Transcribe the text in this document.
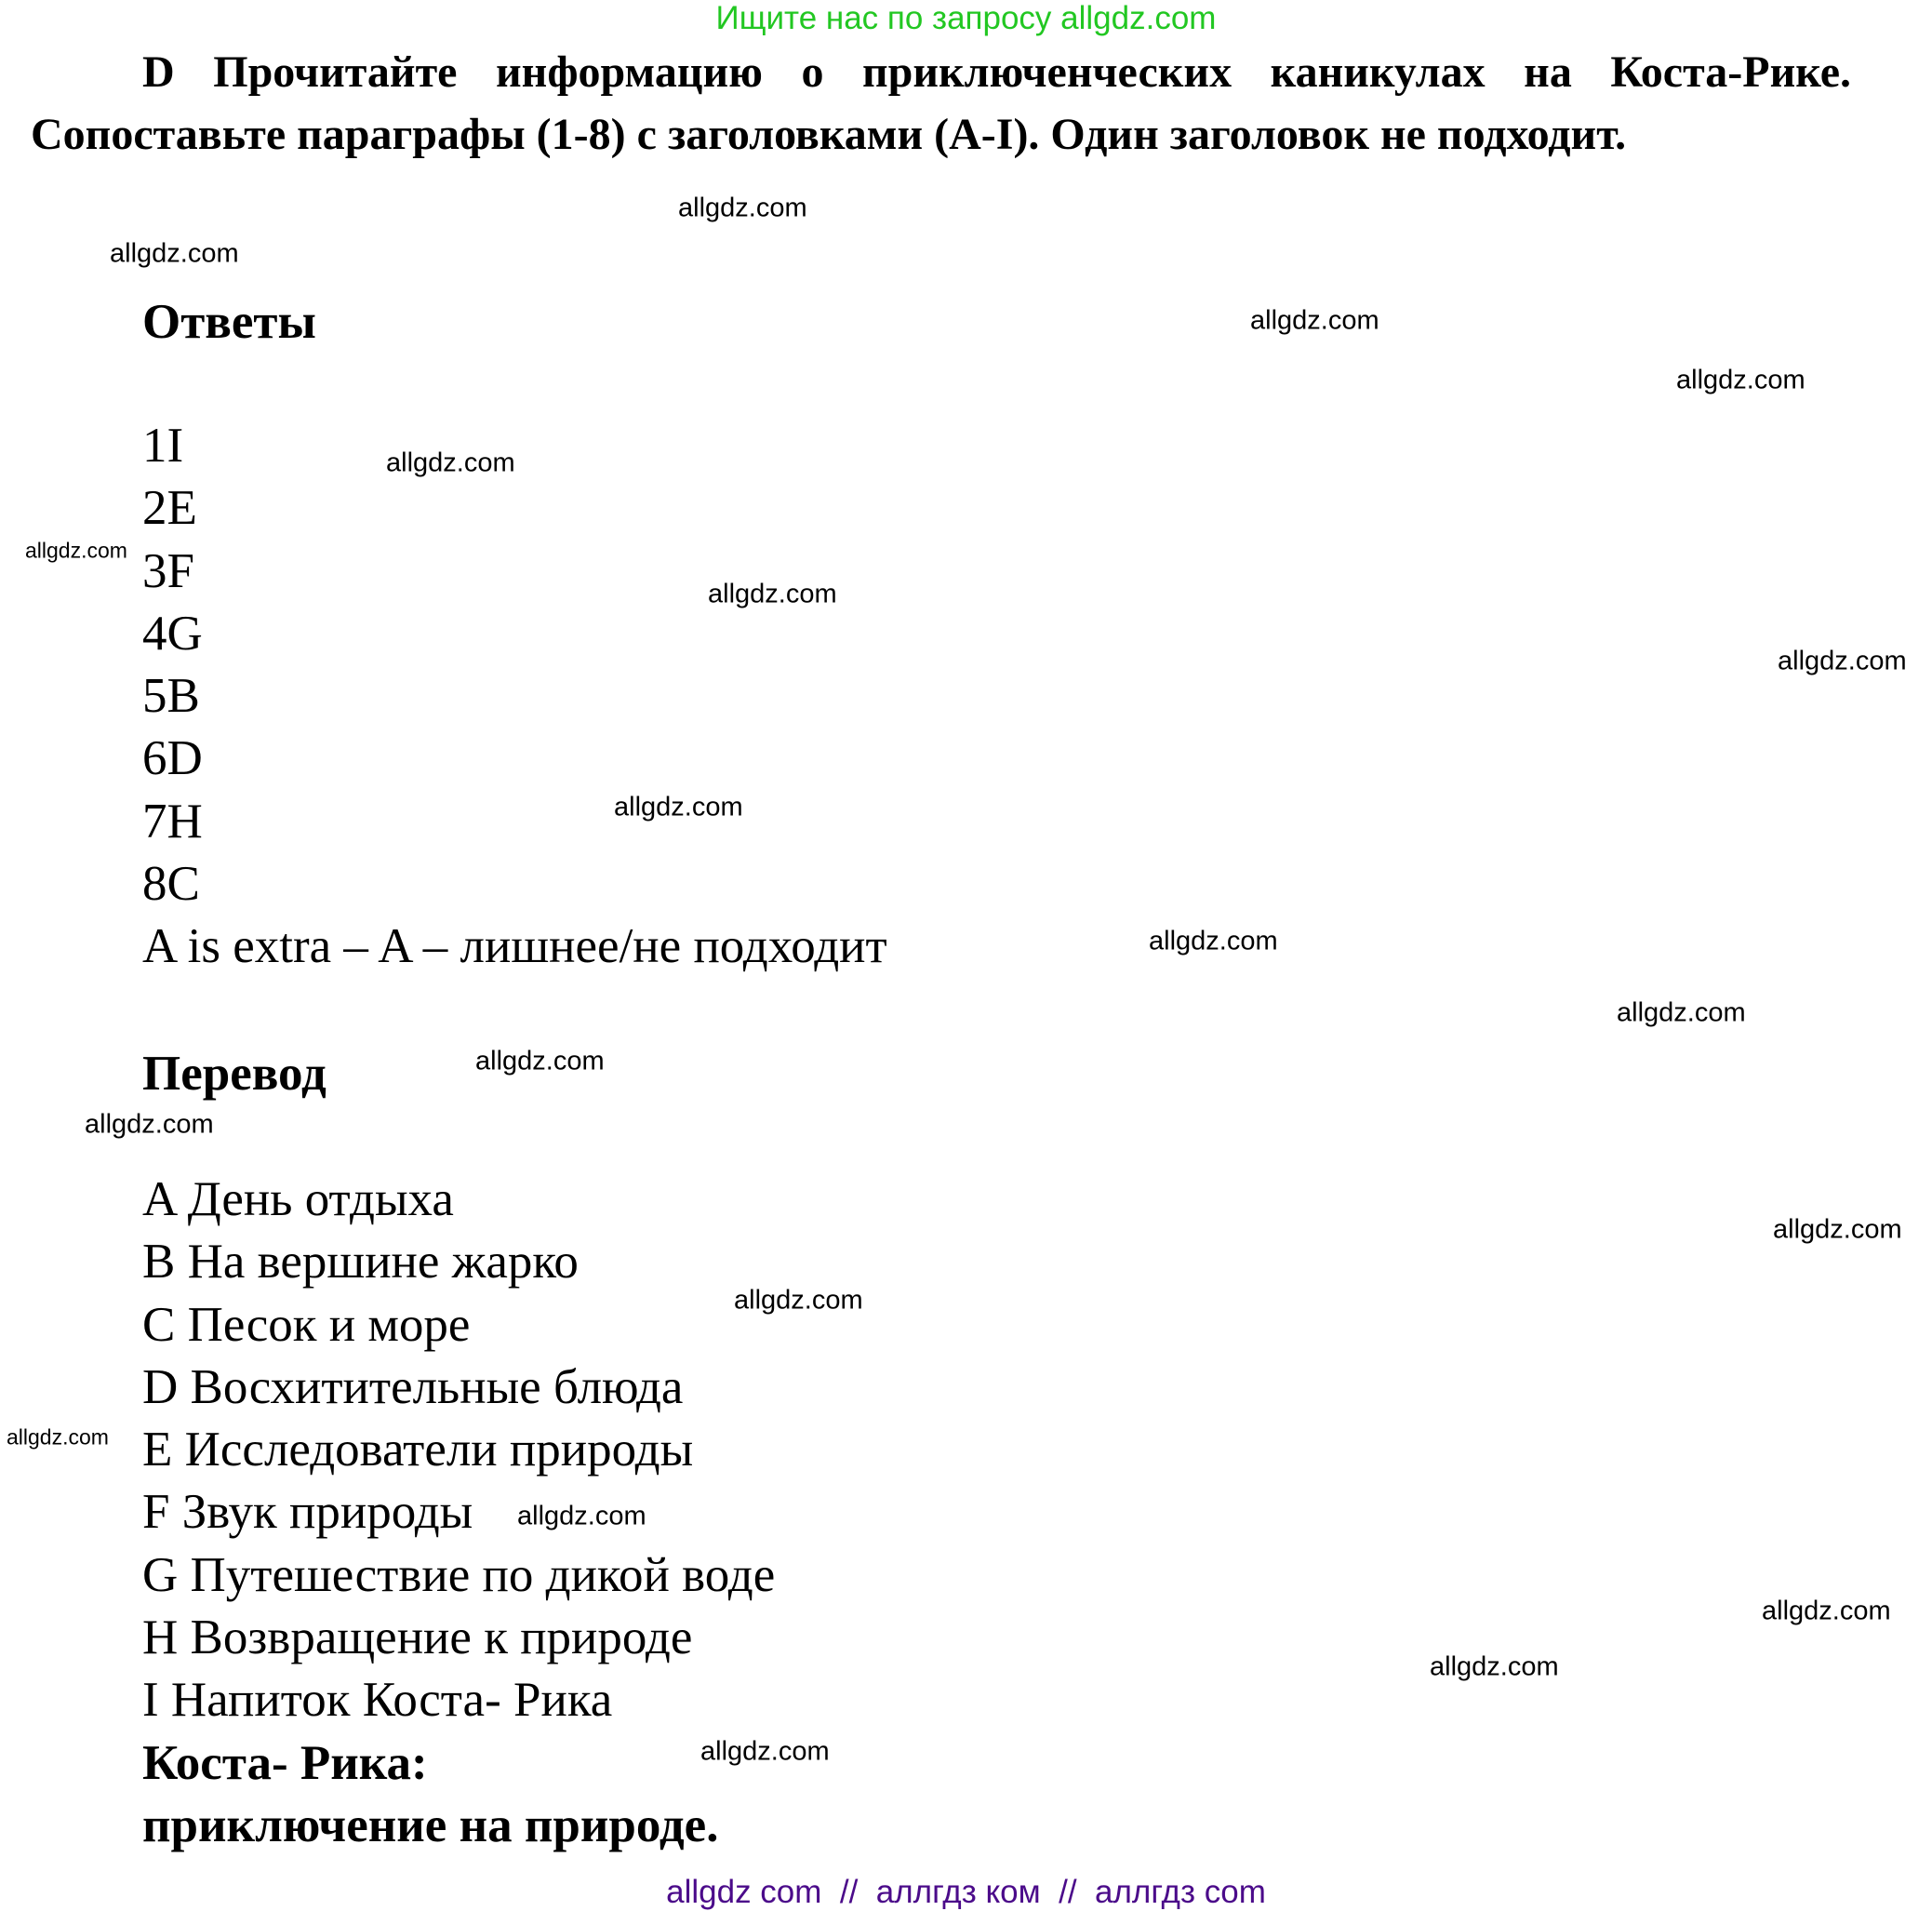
Ищите нас по запросу allgdz.com
D Прочитайте информацию о приключенческих каникулах на Коста-Рике. Сопоставьте параграфы (1-8) с заголовками (A-I). Один заголовок не подходит.
Ответы
1I
2E
3F
4G
5B
6D
7H
8C
A is extra – A – лишнее/не подходит
Перевод
A День отдыха
B На вершине жарко
C Песок и море
D Восхитительные блюда
E Исследователи природы
F Звук природы
G Путешествие по дикой воде
H Возвращение к природе
I Напиток Коста- Рика
Коста- Рика:
приключение на природе.
allgdz.com
allgdz.com
allgdz.com
allgdz.com
allgdz.com
allgdz.com
allgdz.com
allgdz.com
allgdz.com
allgdz.com
allgdz.com
allgdz.com
allgdz.com
allgdz.com
allgdz.com
allgdz.com
allgdz.com
allgdz.com
allgdz.com
allgdz.com
allgdz com  //  аллгдз ком  //  аллгдз com
